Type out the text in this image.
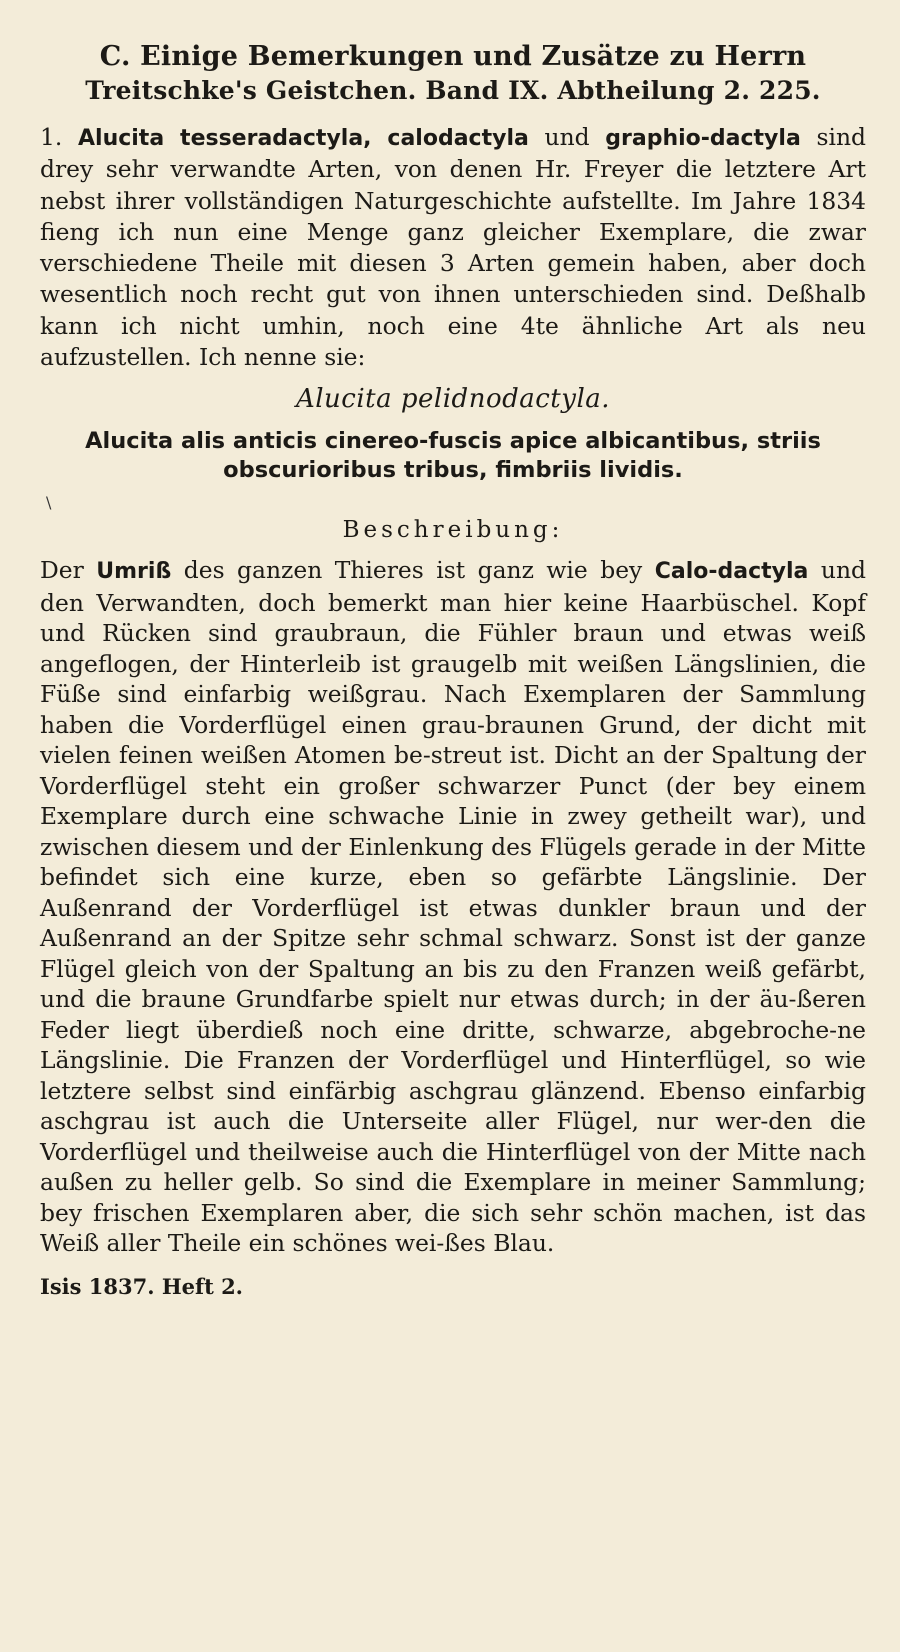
C. Einige Bemerkungen und Zusätze zu Herrn
Treitschke's Geistchen. Band IX. Abtheilung 2. 225.

1. Alucita tesseradactyla, calodactyla und graphio-dactyla sind drey sehr verwandte Arten, von denen Hr. Freyer die letztere Art nebst ihrer vollständigen Naturgeschichte aufstellte. Im Jahre 1834 fieng ich nun eine Menge ganz gleicher Exemplare, die zwar verschiedene Theile mit diesen 3 Arten gemein haben, aber doch wesentlich noch recht gut von ihnen unterschieden sind. Deßhalb kann ich nicht umhin, noch eine 4te ähnliche Art als neu aufzustellen. Ich nenne sie:

Alucita pelidnodactyla.
Alucita alis anticis cinereo-fuscis apice albicantibus, striis obscurioribus tribus, fimbriis lividis.
\
Beschreibung:

Der Umriß des ganzen Thieres ist ganz wie bey Calo-dactyla und den Verwandten, doch bemerkt man hier keine Haarbüschel. Kopf und Rücken sind graubraun, die Fühler braun und etwas weiß angeflogen, der Hinterleib ist graugelb mit weißen Längslinien, die Füße sind einfarbig weißgrau. Nach Exemplaren der Sammlung haben die Vorderflügel einen grau-braunen Grund, der dicht mit vielen feinen weißen Atomen be-streut ist. Dicht an der Spaltung der Vorderflügel steht ein großer schwarzer Punct (der bey einem Exemplare durch eine schwache Linie in zwey getheilt war), und zwischen diesem und der Einlenkung des Flügels gerade in der Mitte befindet sich eine kurze, eben so gefärbte Längslinie. Der Außenrand der Vorderflügel ist etwas dunkler braun und der Außenrand an der Spitze sehr schmal schwarz. Sonst ist der ganze Flügel gleich von der Spaltung an bis zu den Franzen weiß gefärbt, und die braune Grundfarbe spielt nur etwas durch; in der äu-ßeren Feder liegt überdieß noch eine dritte, schwarze, abgebroche-ne Längslinie. Die Franzen der Vorderflügel und Hinterflügel, so wie letztere selbst sind einfärbig aschgrau glänzend. Ebenso einfarbig aschgrau ist auch die Unterseite aller Flügel, nur wer-den die Vorderflügel und theilweise auch die Hinterflügel von der Mitte nach außen zu heller gelb. So sind die Exemplare in meiner Sammlung; bey frischen Exemplaren aber, die sich sehr schön machen, ist das Weiß aller Theile ein schönes wei-ßes Blau.

Isis 1837. Heft 2.
